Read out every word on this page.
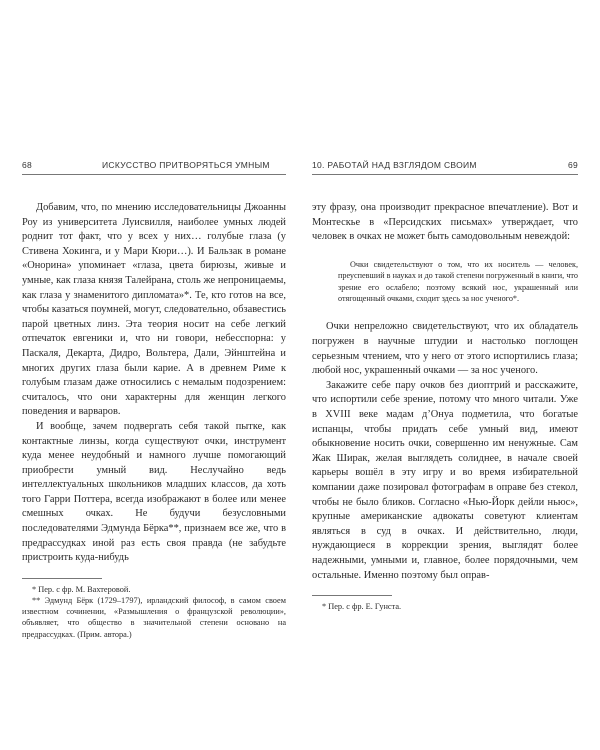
68	ИСКУССТВО ПРИТВОРЯТЬСЯ УМНЫМ

Добавим, что, по мнению исследовательницы Джоанны Роу из университета Луисвилля, наиболее умных людей роднит тот факт, что у всех у них… голубые глаза (у Стивена Хокинга, и у Мари Кюри…). И Бальзак в романе «Онорина» упоминает «глаза, цвета бирюзы, живые и умные, как глаза князя Талейрана, столь же непроницаемы, как глаза у знаменитого дипломата»*. Те, кто готов на все, чтобы казаться поумней, могут, следовательно, обзавестись парой цветных линз. Эта теория носит на себе легкий отпечаток евгеники и, что ни говори, небесспорна: у Паскаля, Декарта, Дидро, Вольтера, Дали, Эйнштейна и многих других глаза были карие. А в древнем Риме к голубым глазам даже относились с немалым подозрением: считалось, что они характерны для женщин легкого поведения и варваров.

И вообще, зачем подвергать себя такой пытке, как контактные линзы, когда существуют очки, инструмент куда менее неудобный и намного лучше помогающий приобрести умный вид. Неслучайно ведь интеллектуальных школьников младших классов, да хоть того Гарри Поттера, всегда изображают в более или менее смешных очках. Не будучи безусловными последователями Эдмунда Бёрка**, признаем все же, что в предрассудках иной раз есть своя правда (не забудьте пристроить куда-нибудь

* Пер. с фр. М. Вахтеровой.

** Эдмунд Бёрк (1729–1797), ирландский философ, в самом своем известном сочинении, «Размышления о французской революции», объявляет, что общество в значительной степени основано на предрассудках. (Прим. автора.)

10. РАБОТАЙ НАД ВЗГЛЯДОМ СВОИМ	69

эту фразу, она производит прекрасное впечатление). Вот и Монтескье в «Персидских письмах» утверждает, что человек в очках не может быть самодовольным невеждой:

Очки свидетельствуют о том, что их носитель — человек, преуспевший в науках и до такой степени погруженный в книги, что зрение его ослабело; поэтому всякий нос, украшенный или отягощенный очками, сходит здесь за нос ученого*.

Очки непреложно свидетельствуют, что их обладатель погружен в научные штудии и настолько поглощен серьезным чтением, что у него от этого испортились глаза; любой нос, украшенный очками — за нос ученого.

Закажите себе пару очков без диоптрий и расскажите, что испортили себе зрение, потому что много читали. Уже в XVIII веке мадам д’Онуа подметила, что богатые испанцы, чтобы придать себе умный вид, имеют обыкновение носить очки, совершенно им ненужные. Сам Жак Ширак, желая выглядеть солиднее, в начале своей карьеры вошёл в эту игру и во время избирательной компании даже позировал фотографам в оправе без стекол, чтобы не было бликов. Согласно «Нью-Йорк дейли ньюс», крупные американские адвокаты советуют клиентам являться в суд в очках. И действительно, люди, нуждающиеся в коррекции зрения, выглядят более надежными, умными и, главное, более порядочными, чем остальные. Именно поэтому был оправ-

* Пер. с фр. Е. Гунста.
